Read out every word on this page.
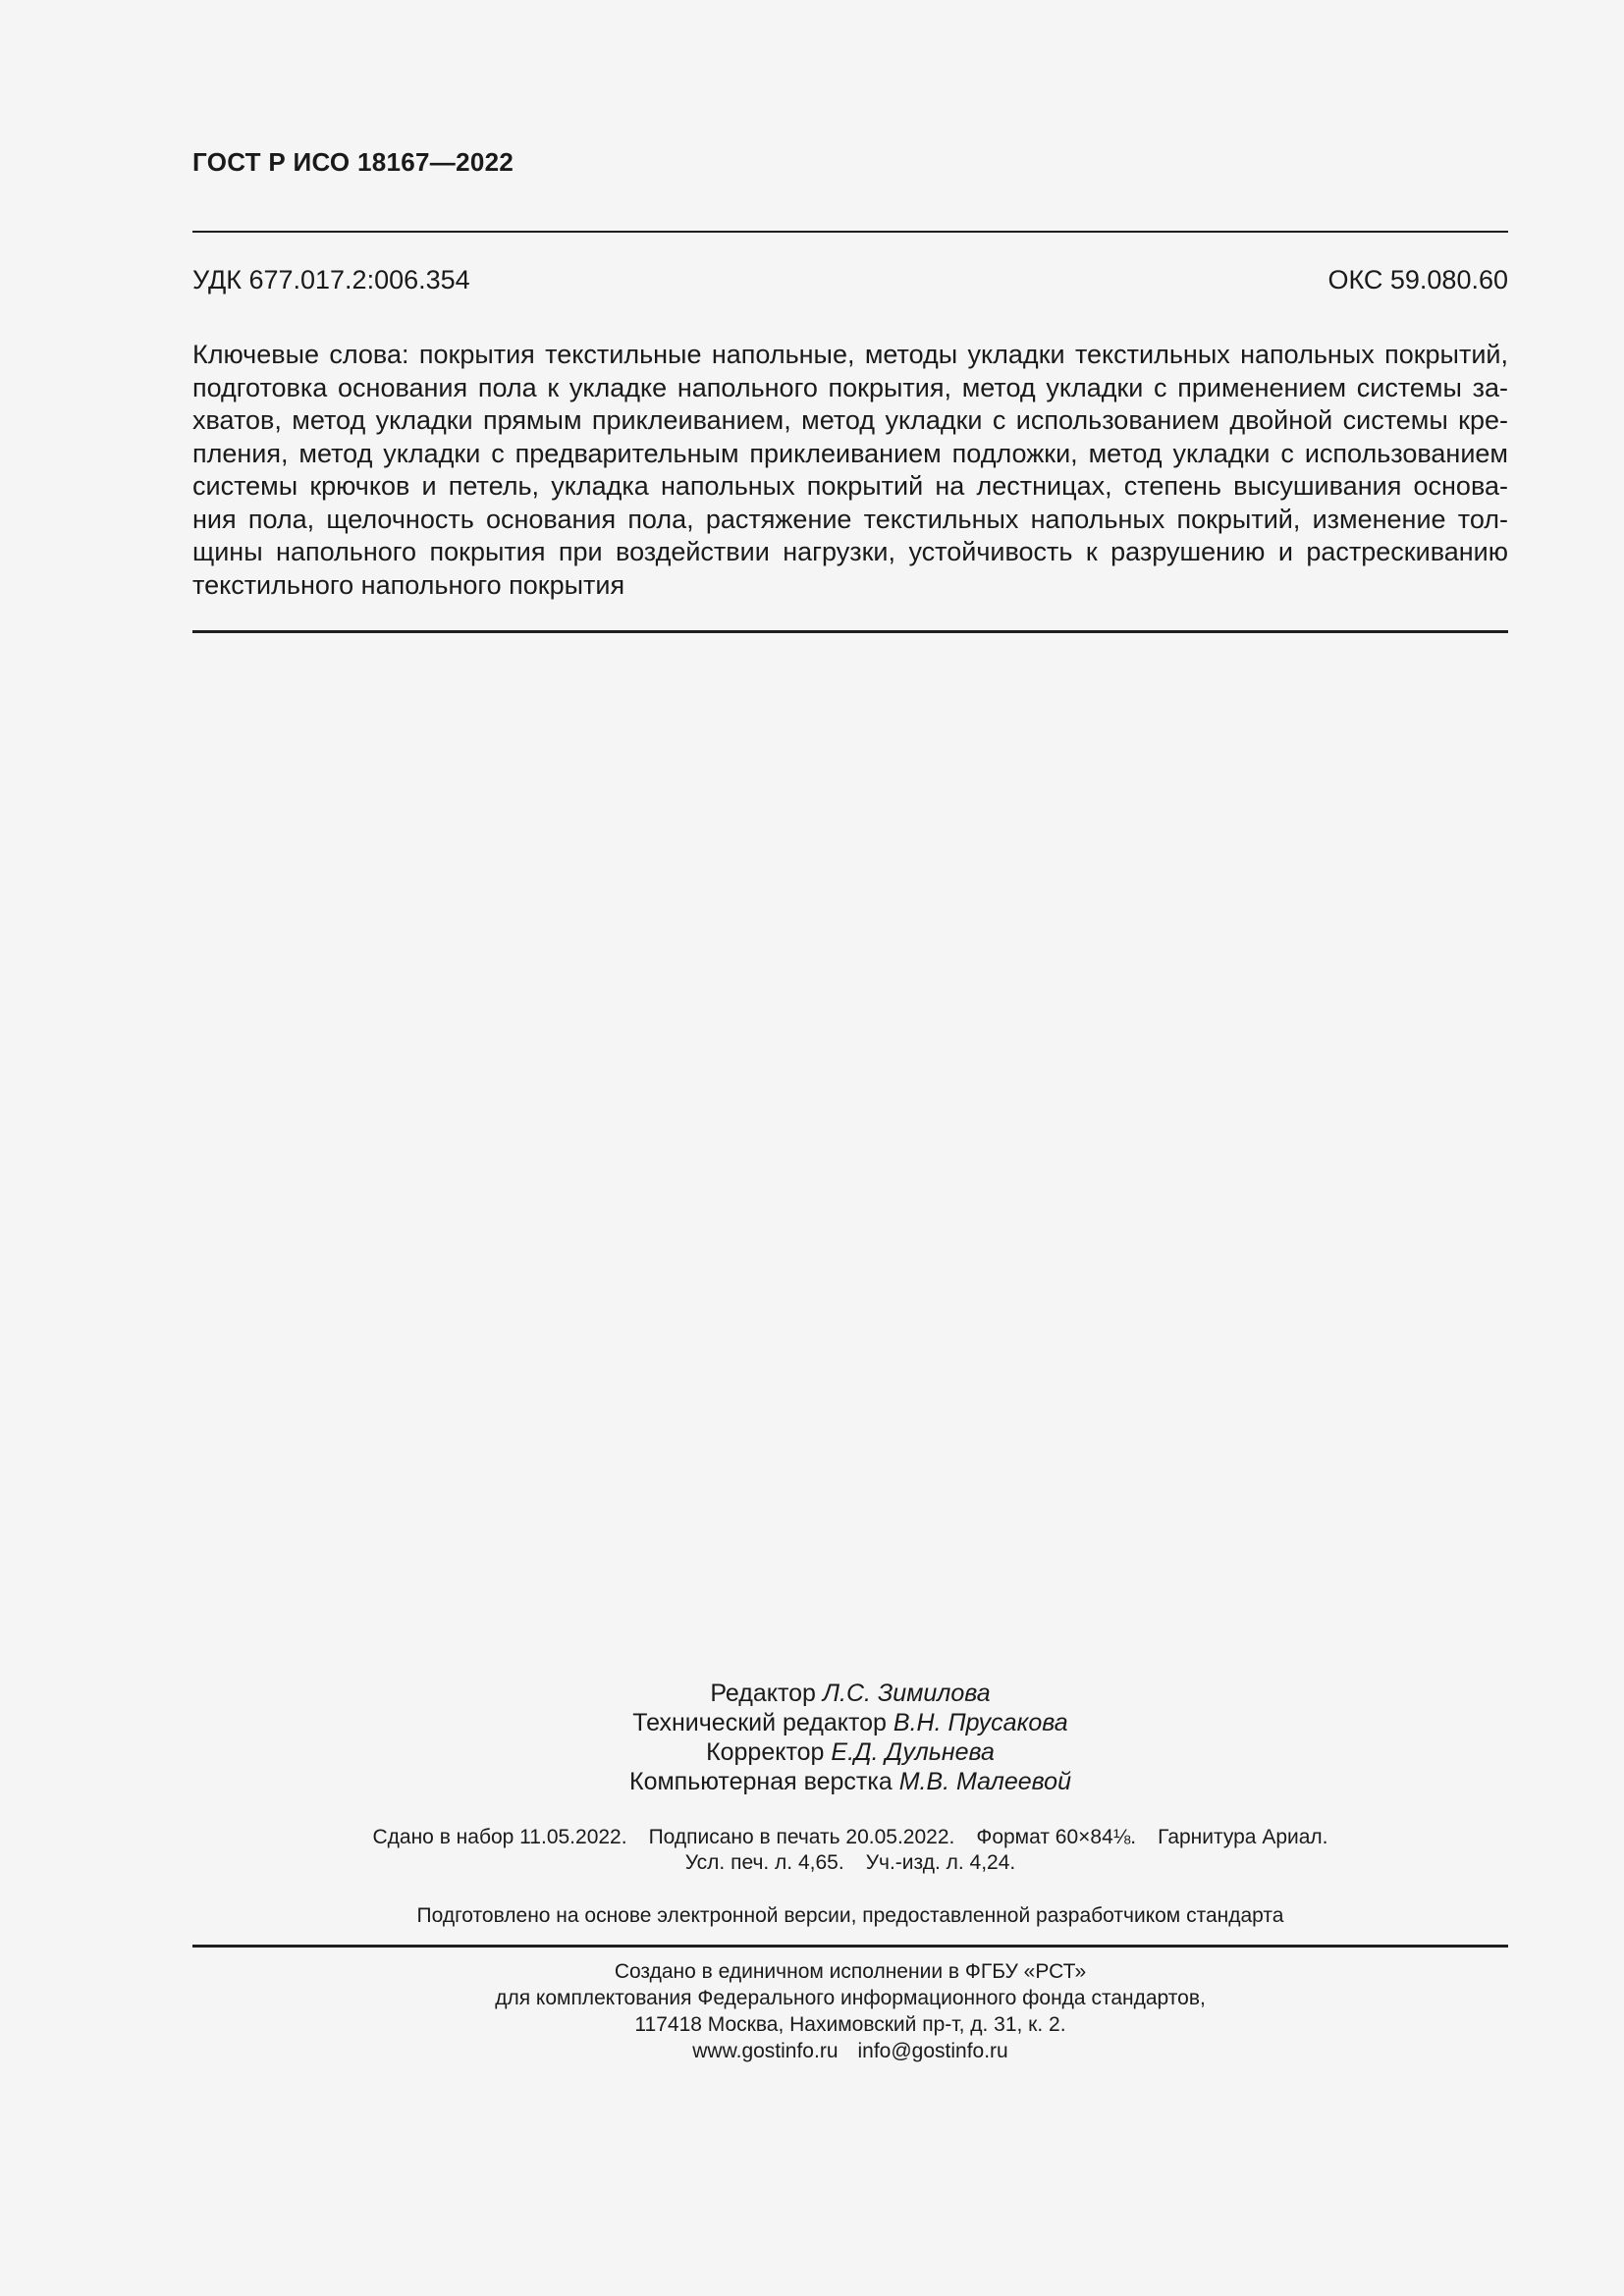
ГОСТ Р ИСО 18167—2022
УДК 677.017.2:006.354	ОКС 59.080.60
Ключевые слова: покрытия текстильные напольные, методы укладки текстильных напольных покрытий, подготовка основания пола к укладке напольного покрытия, метод укладки с применением системы за- хватов, метод укладки прямым приклеиванием, метод укладки с использованием двойной системы кре- пления, метод укладки с предварительным приклеиванием подложки, метод укладки с использованием системы крючков и петель, укладка напольных покрытий на лестницах, степень высушивания основа- ния пола, щелочность основания пола, растяжение текстильных напольных покрытий, изменение тол- щины напольного покрытия при воздействии нагрузки, устойчивость к разрушению и растрескиванию текстильного напольного покрытия
Редактор Л.С. Зимилова
Технический редактор В.Н. Прусакова
Корректор Е.Д. Дульнева
Компьютерная верстка М.В. Малеевой
Сдано в набор 11.05.2022. Подписано в печать 20.05.2022. Формат 60×84⅛. Гарнитура Ариал.
Усл. печ. л. 4,65. Уч.-изд. л. 4,24.
Подготовлено на основе электронной версии, предоставленной разработчиком стандарта
Создано в единичном исполнении в ФГБУ «РСТ»
для комплектования Федерального информационного фонда стандартов,
117418 Москва, Нахимовский пр-т, д. 31, к. 2.
www.gostinfo.ru info@gostinfo.ru
